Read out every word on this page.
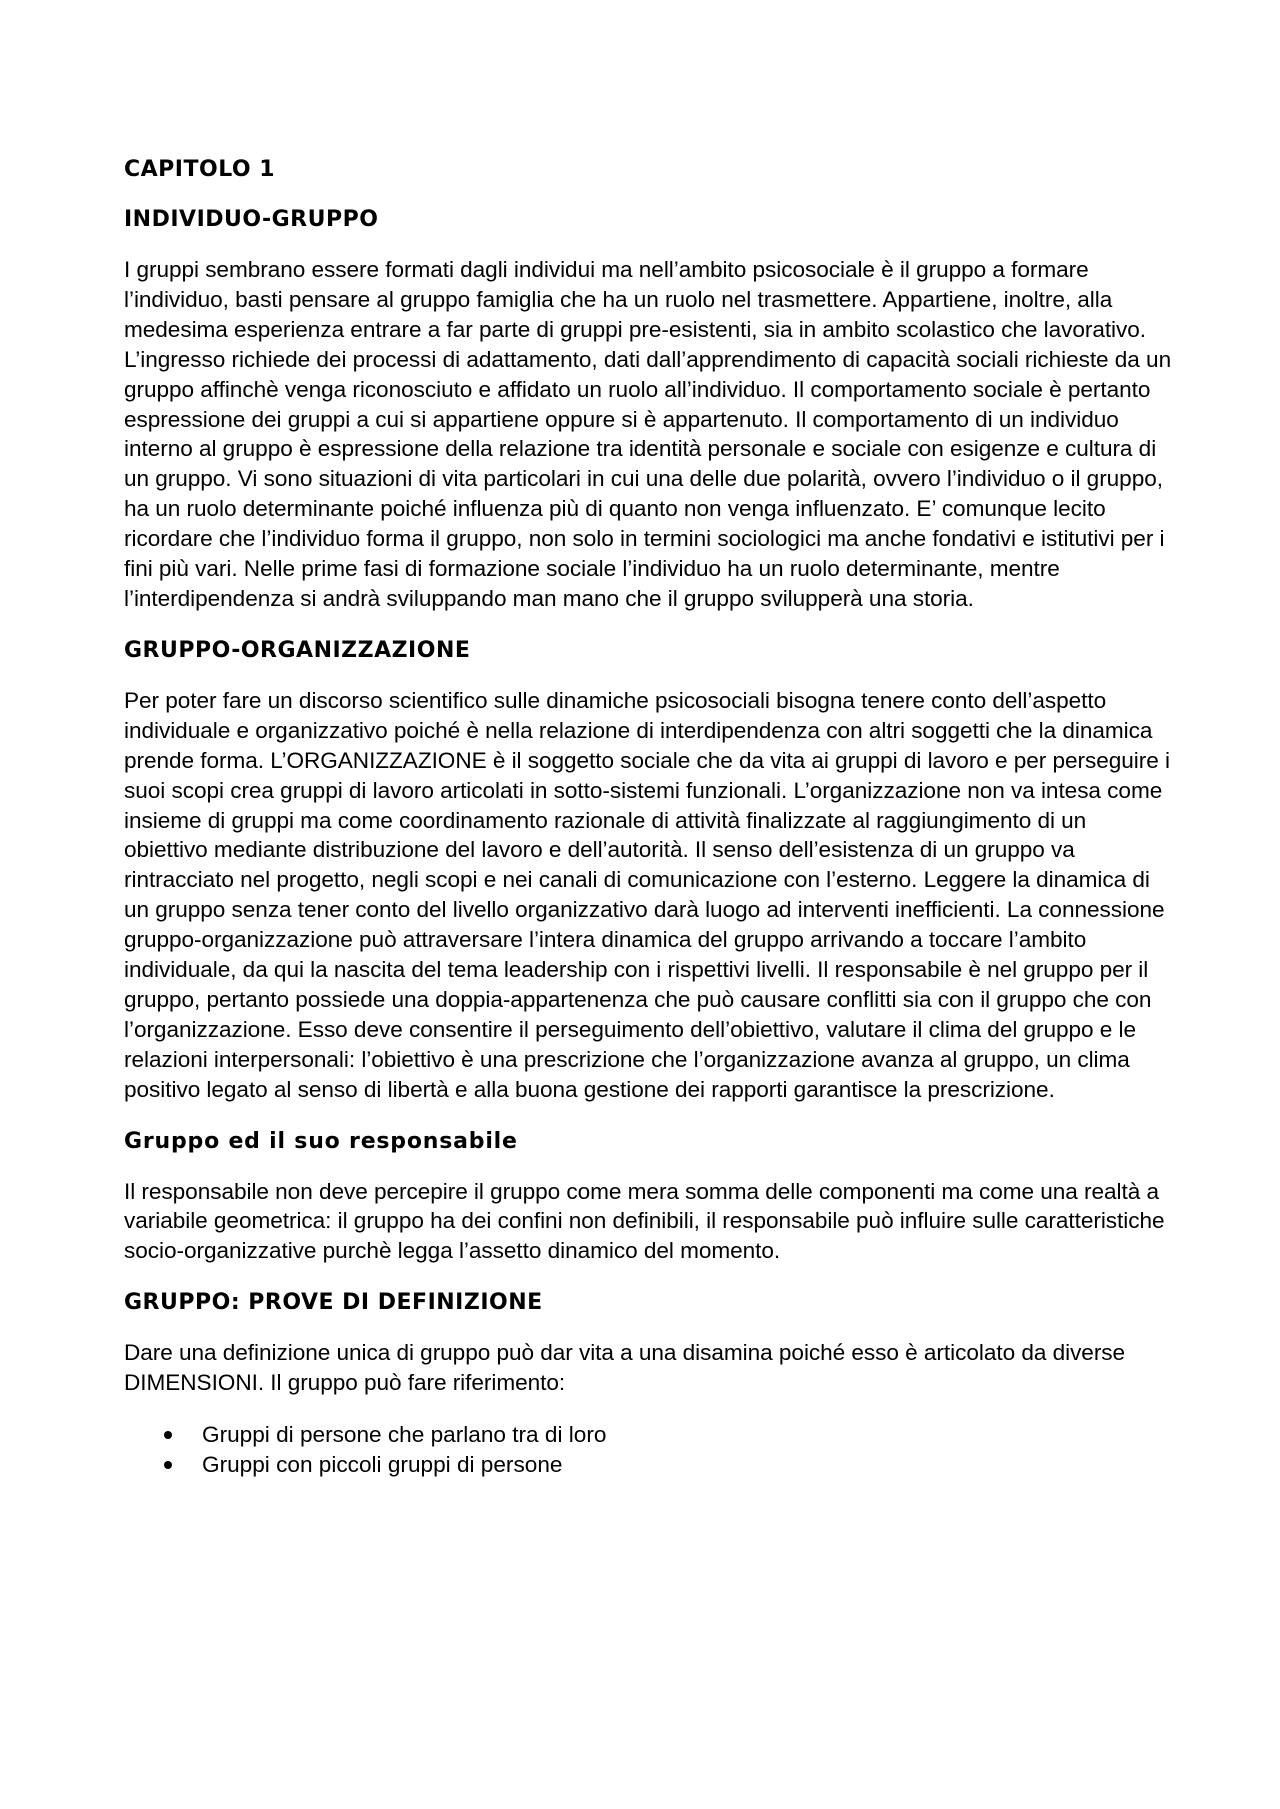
CAPITOLO 1
INDIVIDUO-GRUPPO

I gruppi sembrano essere formati dagli individui ma nell’ambito psicosociale è il gruppo a formare l’individuo, basti pensare al gruppo famiglia che ha un ruolo nel trasmettere. Appartiene, inoltre, alla medesima esperienza entrare a far parte di gruppi pre-esistenti, sia in ambito scolastico che lavorativo. L’ingresso richiede dei processi di adattamento, dati dall’apprendimento di capacità sociali richieste da un gruppo affinchè venga riconosciuto e affidato un ruolo all’individuo. Il comportamento sociale è pertanto espressione dei gruppi a cui si appartiene oppure si è appartenuto. Il comportamento di un individuo interno al gruppo è espressione della relazione tra identità personale e sociale con esigenze e cultura di un gruppo. Vi sono situazioni di vita particolari in cui una delle due polarità, ovvero l’individuo o il gruppo, ha un ruolo determinante poiché influenza più di quanto non venga influenzato. E’ comunque lecito ricordare che l’individuo forma il gruppo, non solo in termini sociologici ma anche fondativi e istitutivi per i fini più vari. Nelle prime fasi di formazione sociale l’individuo ha un ruolo determinante, mentre l’interdipendenza si andrà sviluppando man mano che il gruppo svilupperà una storia.

GRUPPO-ORGANIZZAZIONE

Per poter fare un discorso scientifico sulle dinamiche psicosociali bisogna tenere conto dell’aspetto individuale e organizzativo poiché è nella relazione di interdipendenza con altri soggetti che la dinamica prende forma. L’ORGANIZZAZIONE è il soggetto sociale che da vita ai gruppi di lavoro e per perseguire i suoi scopi crea gruppi di lavoro articolati in sotto-sistemi funzionali. L’organizzazione non va intesa come insieme di gruppi ma come coordinamento razionale di attività finalizzate al raggiungimento di un obiettivo mediante distribuzione del lavoro e dell’autorità. Il senso dell’esistenza di un gruppo va rintracciato nel progetto, negli scopi e nei canali di comunicazione con l’esterno. Leggere la dinamica di un gruppo senza tener conto del livello organizzativo darà luogo ad interventi inefficienti. La connessione gruppo-organizzazione può attraversare l’intera dinamica del gruppo arrivando a toccare l’ambito individuale, da qui la nascita del tema leadership con i rispettivi livelli. Il responsabile è nel gruppo per il gruppo, pertanto possiede una doppia-appartenenza che può causare conflitti sia con il gruppo che con l’organizzazione. Esso deve consentire il perseguimento dell’obiettivo, valutare il clima del gruppo e le relazioni interpersonali: l’obiettivo è una prescrizione che l’organizzazione avanza al gruppo, un clima positivo legato al senso di libertà e alla buona gestione dei rapporti garantisce la prescrizione.

Gruppo ed il suo responsabile

Il responsabile non deve percepire il gruppo come mera somma delle componenti ma come una realtà a variabile geometrica: il gruppo ha dei confini non definibili, il responsabile può influire sulle caratteristiche socio-organizzative purchè legga l’assetto dinamico del momento.

GRUPPO: PROVE DI DEFINIZIONE

Dare una definizione unica di gruppo può dar vita a una disamina poiché esso è articolato da diverse DIMENSIONI. Il gruppo può fare riferimento:

Gruppi di persone che parlano tra di loro
Gruppi con piccoli gruppi di persone
